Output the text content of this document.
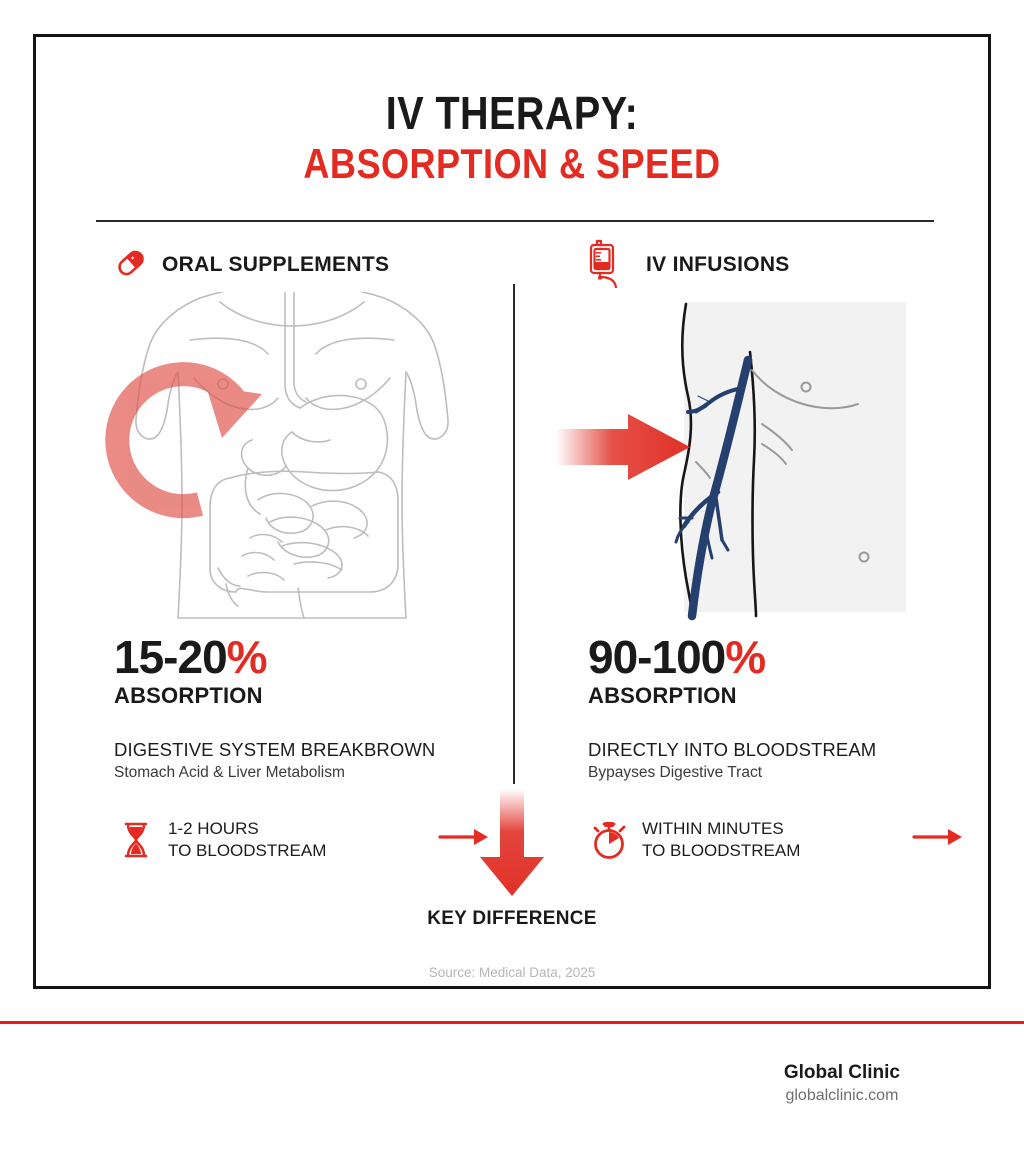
IV THERAPY:
ABSORPTION & SPEED
ORAL SUPPLEMENTS
15-20%
ABSORPTION
DIGESTIVE SYSTEM BREAKBROWN
Stomach Acid & Liver Metabolism
1-2 HOURS
TO BLOODSTREAM
IV INFUSIONS
90-100%
ABSORPTION
DIRECTLY INTO BLOODSTREAM
Bypayses Digestive Tract
WITHIN MINUTES
TO BLOODSTREAM
KEY DIFFERENCE
Source: Medical Data, 2025
Global Clinic
globalclinic.com
